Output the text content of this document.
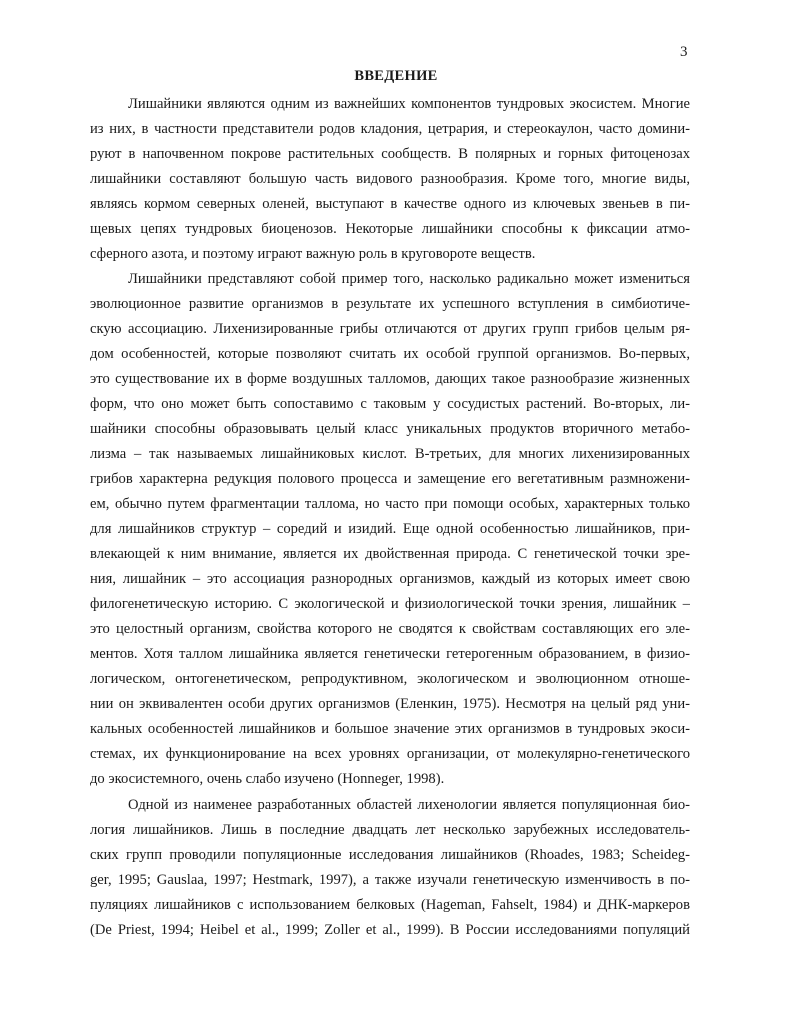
3
ВВЕДЕНИЕ
Лишайники являются одним из важнейших компонентов тундровых экосистем. Многие
из них, в частности представители родов кладония, цетрария, и стереокаулон, часто домини-
руют в напочвенном покрове растительных сообществ. В полярных и горных фитоценозах
лишайники составляют большую часть видового разнообразия. Кроме того, многие виды,
являясь кормом северных оленей, выступают в качестве одного из ключевых звеньев в пи-
щевых цепях тундровых биоценозов. Некоторые лишайники способны к фиксации атмо-
сферного азота, и поэтому играют важную роль в круговороте веществ.
Лишайники представляют собой пример того, насколько радикально может измениться
эволюционное развитие организмов в результате их успешного вступления в симбиотиче-
скую ассоциацию. Лихенизированные грибы отличаются от других групп грибов целым ря-
дом особенностей, которые позволяют считать их особой группой организмов. Во-первых,
это существование их в форме воздушных талломов, дающих такое разнообразие жизненных
форм, что оно может быть сопоставимо с таковым у сосудистых растений. Во-вторых, ли-
шайники способны образовывать целый класс уникальных продуктов вторичного метабо-
лизма – так называемых лишайниковых кислот. В-третьих, для многих лихенизированных
грибов характерна редукция полового процесса и замещение его вегетативным размножени-
ем, обычно путем фрагментации таллома, но часто при помощи особых, характерных только
для лишайников структур – соредий и изидий. Еще одной особенностью лишайников, при-
влекающей к ним внимание, является их двойственная природа. С генетической точки зре-
ния, лишайник – это ассоциация разнородных организмов, каждый из которых имеет свою
филогенетическую историю. С экологической и физиологической точки зрения, лишайник –
это целостный организм, свойства которого не сводятся к свойствам составляющих его эле-
ментов. Хотя таллом лишайника является генетически гетерогенным образованием, в физио-
логическом, онтогенетическом, репродуктивном, экологическом и эволюционном отноше-
нии он эквивалентен особи других организмов (Еленкин, 1975). Несмотря на целый ряд уни-
кальных особенностей лишайников и большое значение этих организмов в тундровых экоси-
стемах, их функционирование на всех уровнях организации, от молекулярно-генетического
до экосистемного, очень слабо изучено (Honneger, 1998).
Одной из наименее разработанных областей лихенологии является популяционная био-
логия лишайников. Лишь в последние двадцать лет несколько зарубежных исследователь-
ских групп проводили популяционные исследования лишайников (Rhoades, 1983; Scheideg-
ger, 1995; Gauslaa, 1997; Hestmark, 1997), а также изучали генетическую изменчивость в по-
пуляциях лишайников с использованием белковых (Hageman, Fahselt, 1984) и ДНК-маркеров
(De Priest, 1994; Heibel et al., 1999; Zoller et al., 1999). В России исследованиями популяций
